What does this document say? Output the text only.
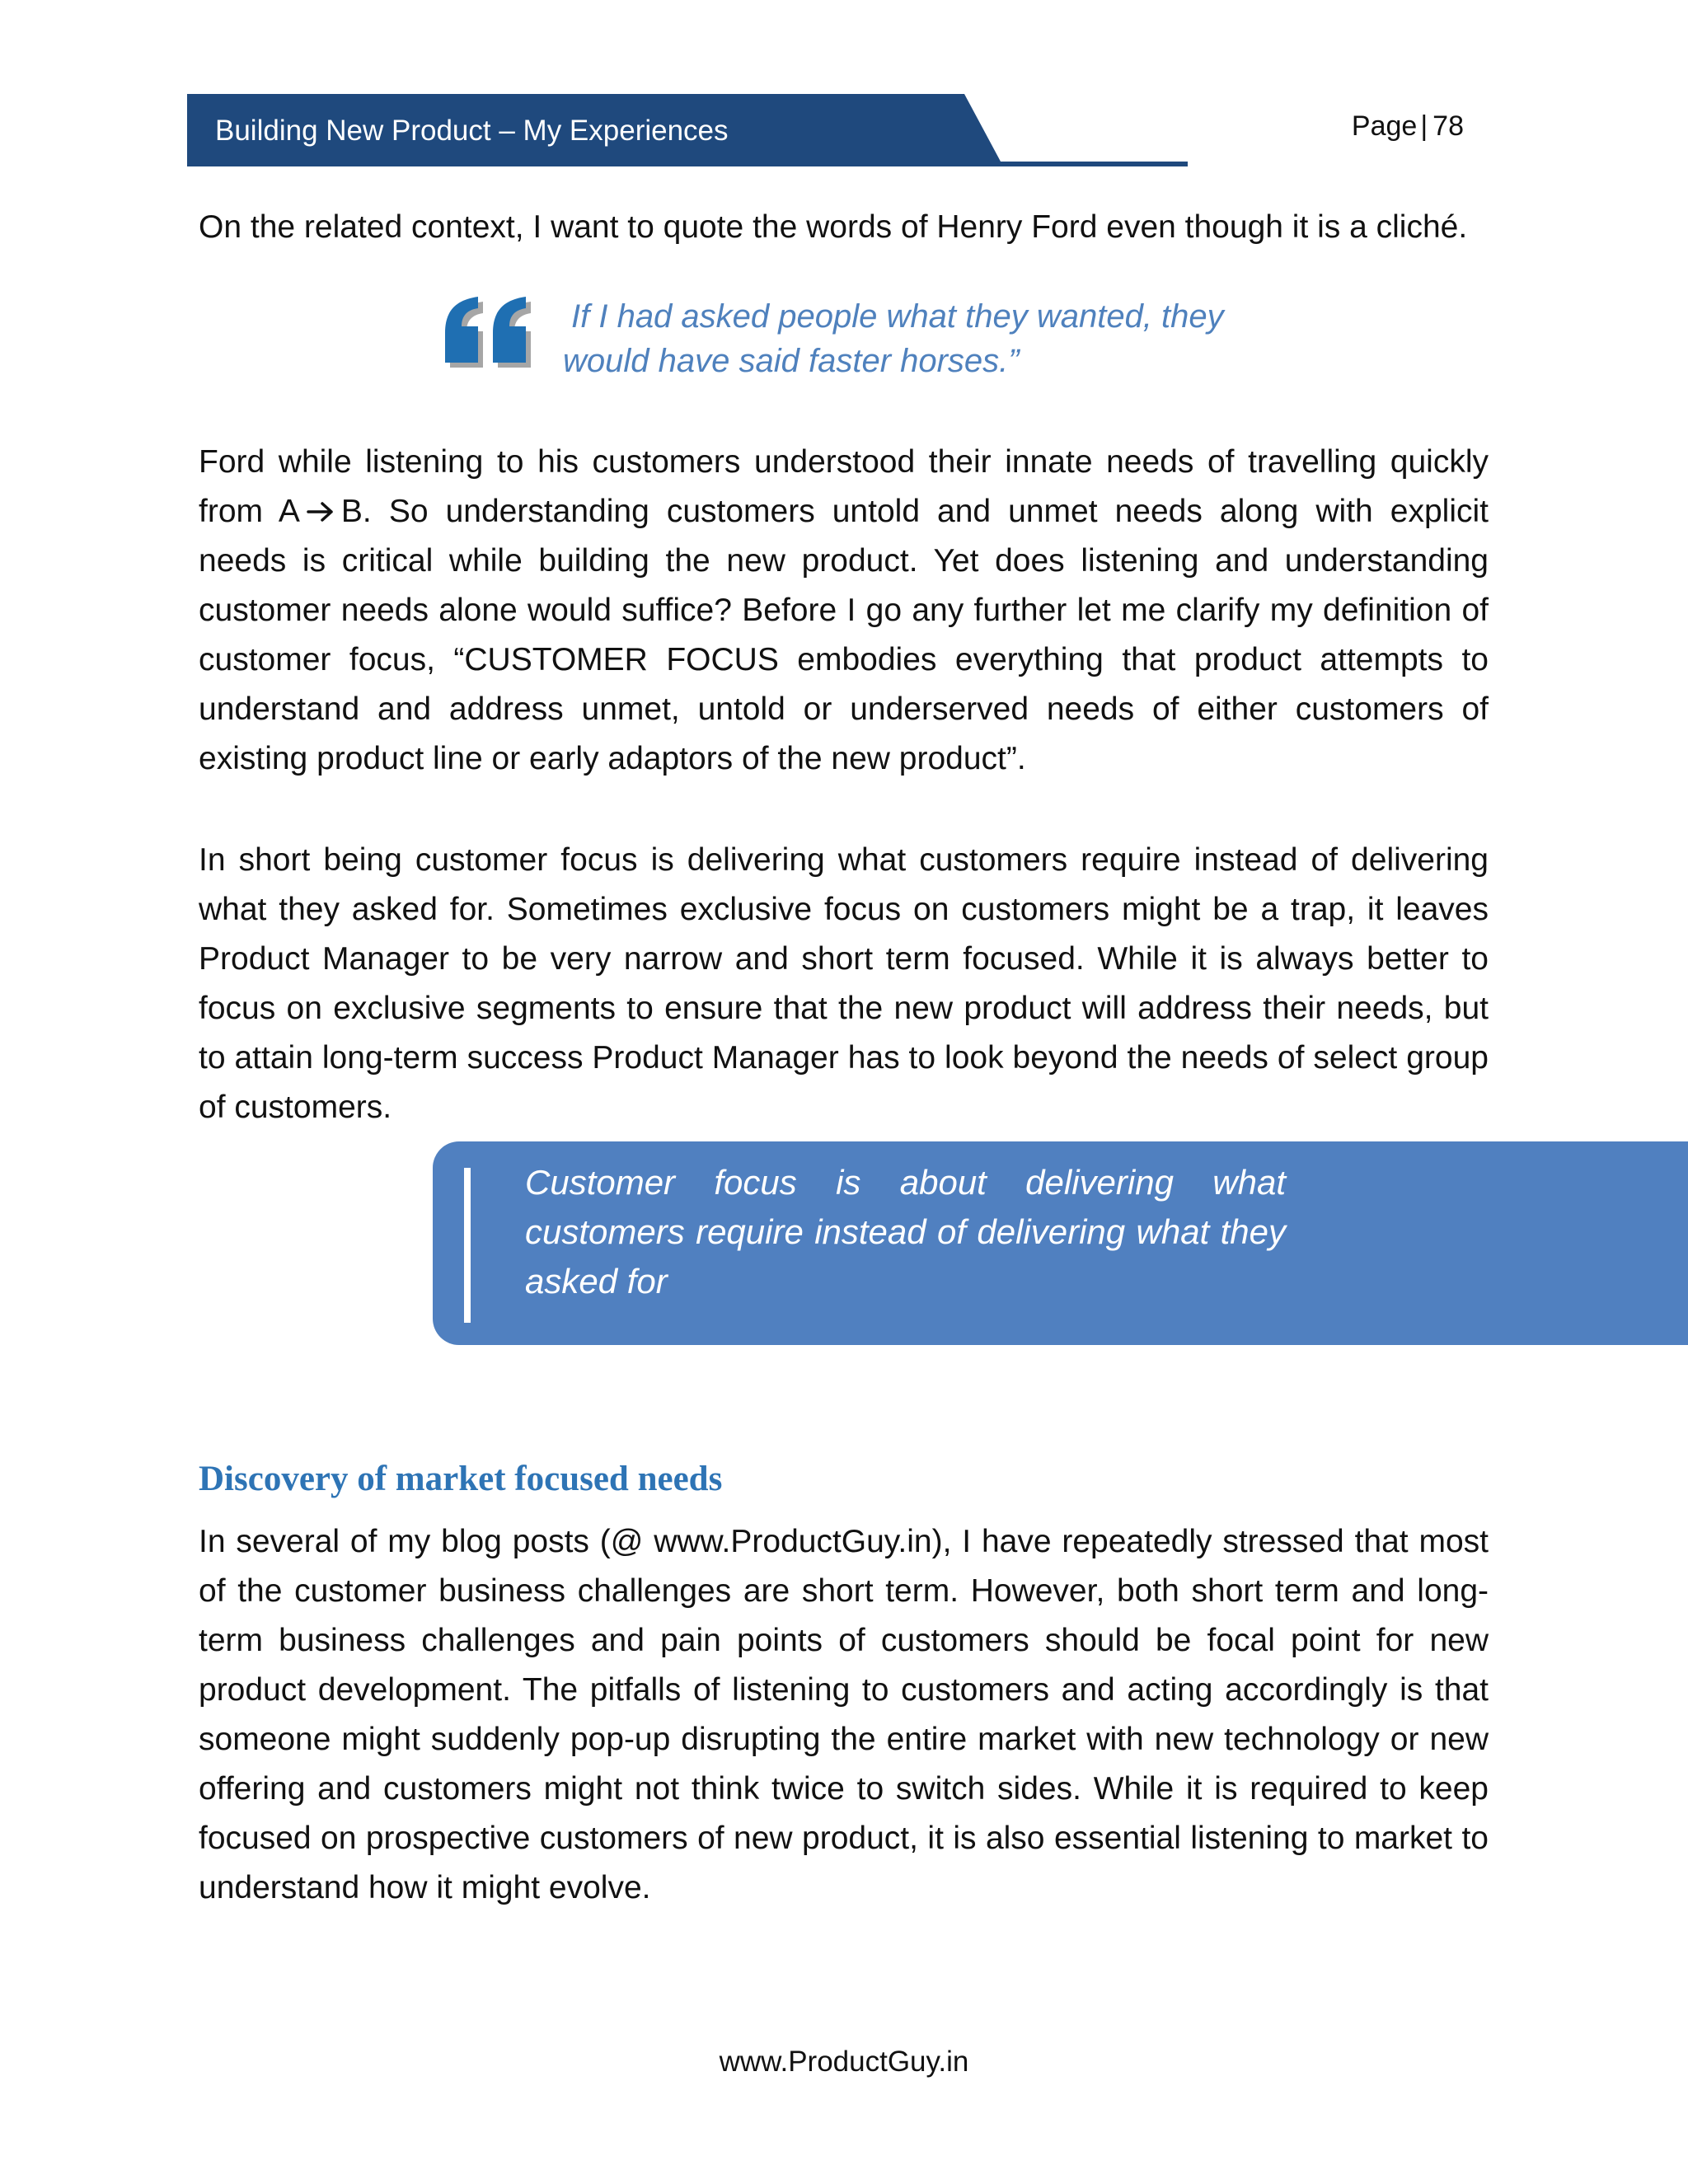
Building New Product – My Experiences	Page | 78

On the related context, I want to quote the words of Henry Ford even though it is a cliché.

If I had asked people what they wanted, they
would have said faster horses.”

Ford while listening to his customers understood their innate needs of travelling quickly from A B. So understanding customers untold and unmet needs along with explicit needs is critical while building the new product. Yet does listening and understanding customer needs alone would suffice? Before I go any further let me clarify my definition of customer focus, “CUSTOMER FOCUS embodies everything that product attempts to understand and address unmet, untold or underserved needs of either customers of existing product line or early adaptors of the new product”.

In short being customer focus is delivering what customers require instead of delivering what they asked for. Sometimes exclusive focus on customers might be a trap, it leaves Product Manager to be very narrow and short term focused. While it is always better to focus on exclusive segments to ensure that the new product will address their needs, but to attain long-term success Product Manager has to look beyond the needs of select group of customers.

Customer focus is about delivering what customers require instead of delivering what they asked for
Discovery of market focused needs

In several of my blog posts (@ www.ProductGuy.in), I have repeatedly stressed that most of the customer business challenges are short term. However, both short term and long-term business challenges and pain points of customers should be focal point for new product development. The pitfalls of listening to customers and acting accordingly is that someone might suddenly pop-up disrupting the entire market with new technology or new offering and customers might not think twice to switch sides. While it is required to keep focused on prospective customers of new product, it is also essential listening to market to understand how it might evolve.

www.ProductGuy.in
